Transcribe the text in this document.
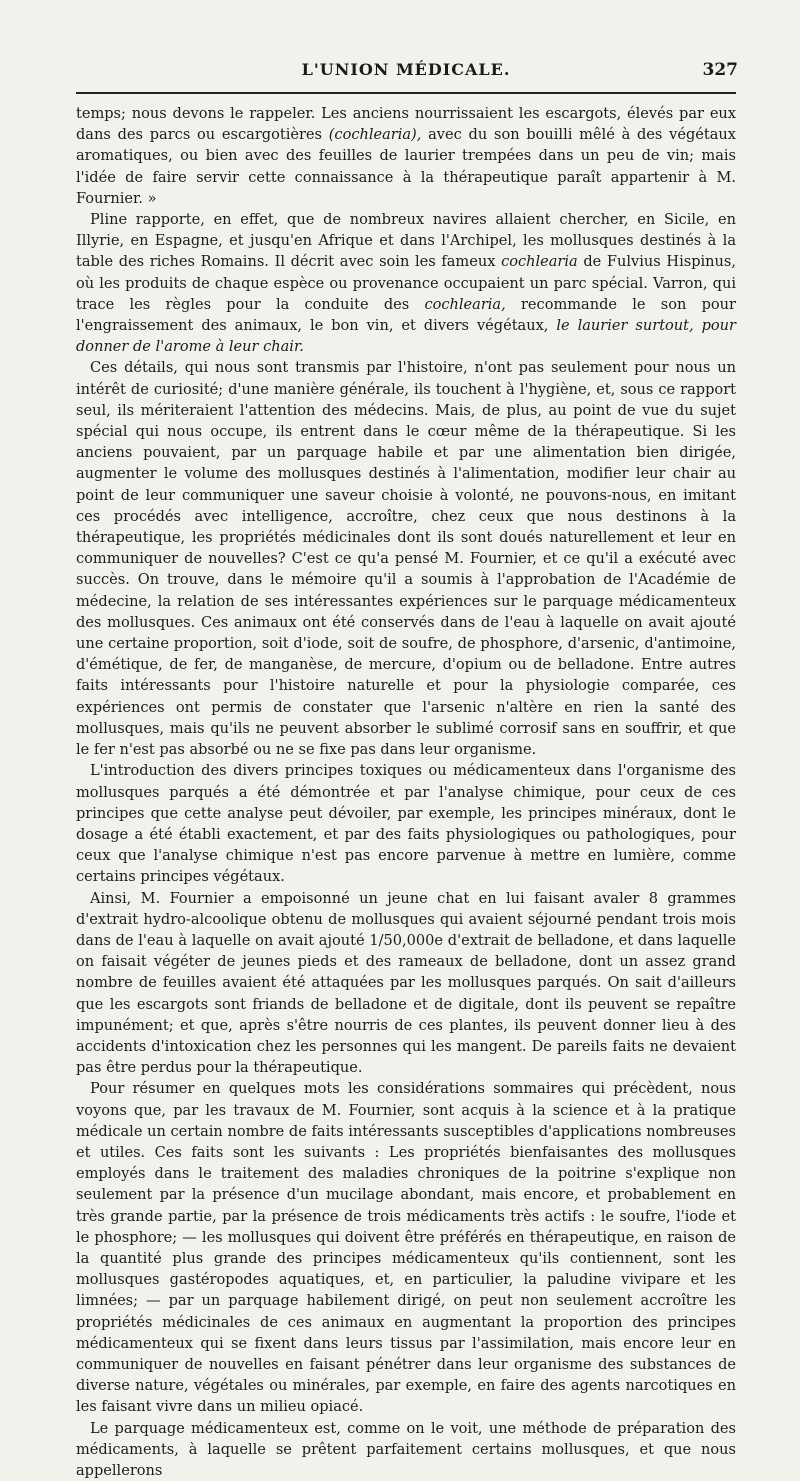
L'UNION MÉDICALE.	327

temps; nous devons le rappeler. Les anciens nourrissaient les escargots, élevés par eux dans des parcs ou escargotières (cochlearia), avec du son bouilli mêlé à des végétaux aromatiques, ou bien avec des feuilles de laurier trempées dans un peu de vin; mais l'idée de faire servir cette connaissance à la thérapeutique paraît appartenir à M. Fournier. »

Pline rapporte, en effet, que de nombreux navires allaient chercher, en Sicile, en Illyrie, en Espagne, et jusqu'en Afrique et dans l'Archipel, les mollusques destinés à la table des riches Romains. Il décrit avec soin les fameux cochlearia de Fulvius Hispinus, où les produits de chaque espèce ou provenance occupaient un parc spécial. Varron, qui trace les règles pour la conduite des cochlearia, recommande le son pour l'engraissement des animaux, le bon vin, et divers végétaux, le laurier surtout, pour donner de l'arome à leur chair.

Ces détails, qui nous sont transmis par l'histoire, n'ont pas seulement pour nous un intérêt de curiosité; d'une manière générale, ils touchent à l'hygiène, et, sous ce rapport seul, ils mériteraient l'attention des médecins. Mais, de plus, au point de vue du sujet spécial qui nous occupe, ils entrent dans le cœur même de la thérapeutique. Si les anciens pouvaient, par un parquage habile et par une alimentation bien dirigée, augmenter le volume des mollusques destinés à l'alimentation, modifier leur chair au point de leur communiquer une saveur choisie à volonté, ne pouvons-nous, en imitant ces procédés avec intelligence, accroître, chez ceux que nous destinons à la thérapeutique, les propriétés médicinales dont ils sont doués naturellement et leur en communiquer de nouvelles? C'est ce qu'a pensé M. Fournier, et ce qu'il a exécuté avec succès. On trouve, dans le mémoire qu'il a soumis à l'approbation de l'Académie de médecine, la relation de ses intéressantes expériences sur le parquage médicamenteux des mollusques. Ces animaux ont été conservés dans de l'eau à laquelle on avait ajouté une certaine proportion, soit d'iode, soit de soufre, de phosphore, d'arsenic, d'antimoine, d'émétique, de fer, de manganèse, de mercure, d'opium ou de belladone. Entre autres faits intéressants pour l'histoire naturelle et pour la physiologie comparée, ces expériences ont permis de constater que l'arsenic n'altère en rien la santé des mollusques, mais qu'ils ne peuvent absorber le sublimé corrosif sans en souffrir, et que le fer n'est pas absorbé ou ne se fixe pas dans leur organisme.

L'introduction des divers principes toxiques ou médicamenteux dans l'organisme des mollusques parqués a été démontrée et par l'analyse chimique, pour ceux de ces principes que cette analyse peut dévoiler, par exemple, les principes minéraux, dont le dosage a été établi exactement, et par des faits physiologiques ou pathologiques, pour ceux que l'analyse chimique n'est pas encore parvenue à mettre en lumière, comme certains principes végétaux.

Ainsi, M. Fournier a empoisonné un jeune chat en lui faisant avaler 8 grammes d'extrait hydro-alcoolique obtenu de mollusques qui avaient séjourné pendant trois mois dans de l'eau à laquelle on avait ajouté 1/50,000e d'extrait de belladone, et dans laquelle on faisait végéter de jeunes pieds et des rameaux de belladone, dont un assez grand nombre de feuilles avaient été attaquées par les mollusques parqués. On sait d'ailleurs que les escargots sont friands de belladone et de digitale, dont ils peuvent se repaître impunément; et que, après s'être nourris de ces plantes, ils peuvent donner lieu à des accidents d'intoxication chez les personnes qui les mangent. De pareils faits ne devaient pas être perdus pour la thérapeutique.

Pour résumer en quelques mots les considérations sommaires qui précèdent, nous voyons que, par les travaux de M. Fournier, sont acquis à la science et à la pratique médicale un certain nombre de faits intéressants susceptibles d'applications nombreuses et utiles. Ces faits sont les suivants : Les propriétés bienfaisantes des mollusques employés dans le traitement des maladies chroniques de la poitrine s'explique non seulement par la présence d'un mucilage abondant, mais encore, et probablement en très grande partie, par la présence de trois médicaments très actifs : le soufre, l'iode et le phosphore; — les mollusques qui doivent être préférés en thérapeutique, en raison de la quantité plus grande des principes médicamenteux qu'ils contiennent, sont les mollusques gastéropodes aquatiques, et, en particulier, la paludine vivipare et les limnées; — par un parquage habilement dirigé, on peut non seulement accroître les propriétés médicinales de ces animaux en augmentant la proportion des principes médicamenteux qui se fixent dans leurs tissus par l'assimilation, mais encore leur en communiquer de nouvelles en faisant pénétrer dans leur organisme des substances de diverse nature, végétales ou minérales, par exemple, en faire des agents narcotiques en les faisant vivre dans un milieu opiacé.

Le parquage médicamenteux est, comme on le voit, une méthode de préparation des médicaments, à laquelle se prêtent parfaitement certains mollusques, et que nous appellerons
